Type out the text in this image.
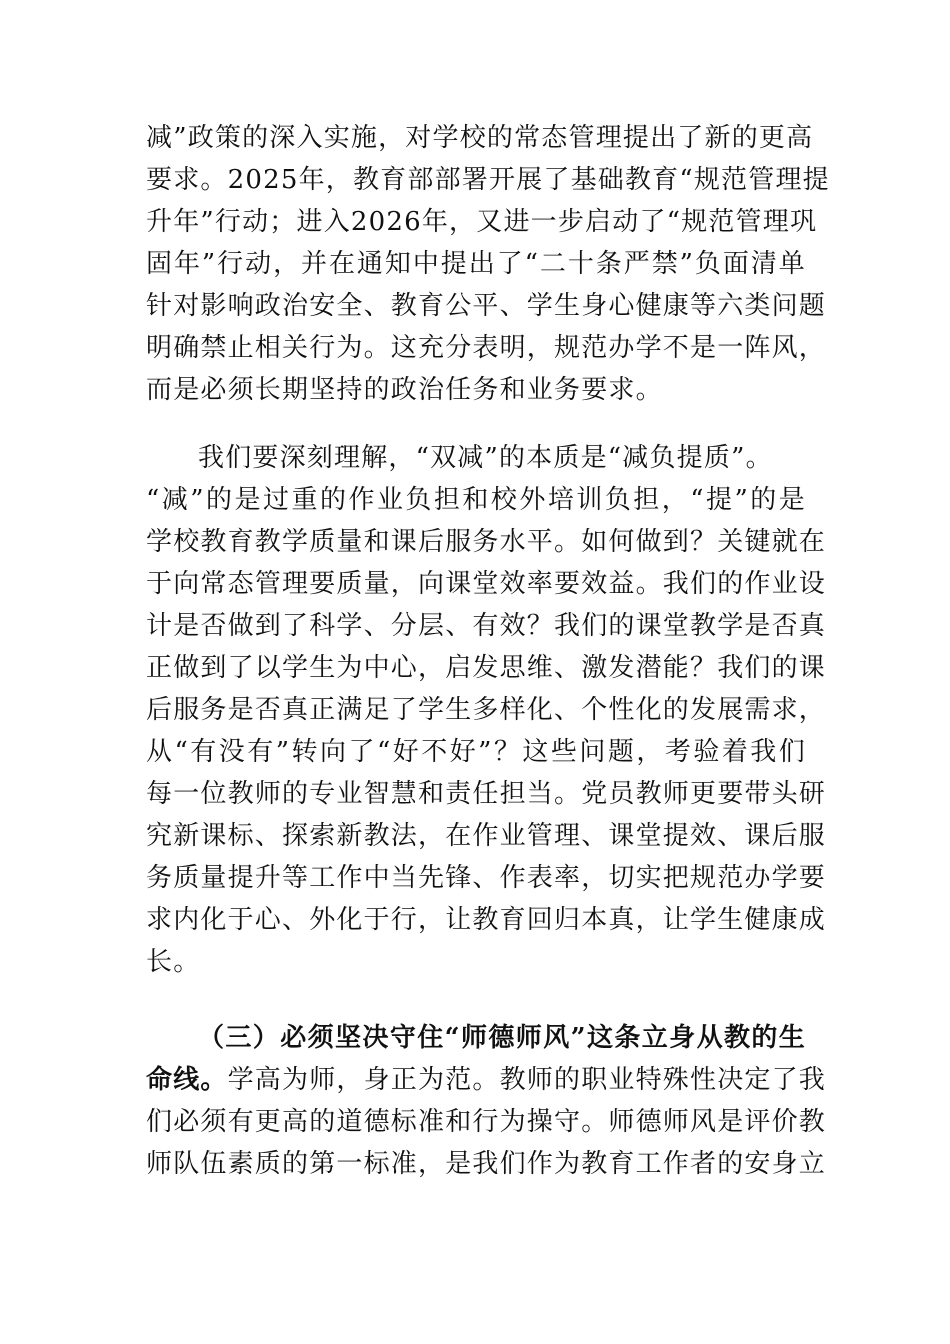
减”政策的深入实施，对学校的常态管理提出了新的更高
要求。2025年，教育部部署开展了基础教育“规范管理提
升年”行动；进入2026年，又进一步启动了“规范管理巩
固年”行动，并在通知中提出了“二十条严禁”负面清单
针对影响政治安全、教育公平、学生身心健康等六类问题
明确禁止相关行为。这充分表明，规范办学不是一阵风，
而是必须长期坚持的政治任务和业务要求。
我们要深刻理解，“双减”的本质是“减负提质”。
“减”的是过重的作业负担和校外培训负担，“提”的是
学校教育教学质量和课后服务水平。如何做到？关键就在
于向常态管理要质量，向课堂效率要效益。我们的作业设
计是否做到了科学、分层、有效？我们的课堂教学是否真
正做到了以学生为中心，启发思维、激发潜能？我们的课
后服务是否真正满足了学生多样化、个性化的发展需求，
从“有没有”转向了“好不好”？这些问题，考验着我们
每一位教师的专业智慧和责任担当。党员教师更要带头研
究新课标、探索新教法，在作业管理、课堂提效、课后服
务质量提升等工作中当先锋、作表率，切实把规范办学要
求内化于心、外化于行，让教育回归本真，让学生健康成
长。
（三）必须坚决守住“师德师风”这条立身从教的生
命线。学高为师，身正为范。教师的职业特殊性决定了我
们必须有更高的道德标准和行为操守。师德师风是评价教
师队伍素质的第一标准，是我们作为教育工作者的安身立
